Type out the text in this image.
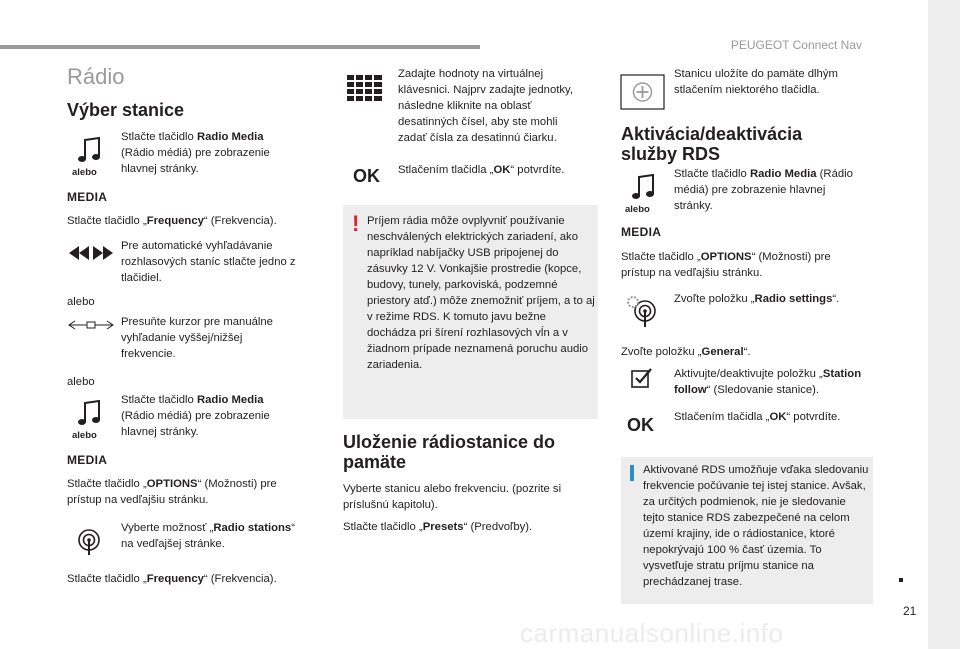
PEUGEOT Connect Nav
21
carmanualsonline.info
Rádio
Výber stanice
alebo
MEDIA
Stlačte tlačidlo Radio Media (Rádio médiá) pre zobrazenie hlavnej stránky.
Stlačte tlačidlo „Frequency“ (Frekvencia).
Pre automatické vyhľadávanie rozhlasových staníc stlačte jedno z tlačidiel.
alebo
Presuňte kurzor pre manuálne vyhľadanie vyššej/nižšej frekvencie.
alebo
alebo
MEDIA
Stlačte tlačidlo Radio Media (Rádio médiá) pre zobrazenie hlavnej stránky.
Stlačte tlačidlo „OPTIONS“ (Možnosti) pre prístup na vedľajšiu stránku.
Vyberte možnosť „Radio stations“ na vedľajšej stránke.
Stlačte tlačidlo „Frequency“ (Frekvencia).
Zadajte hodnoty na virtuálnej klávesnici. Najprv zadajte jednotky, následne kliknite na oblasť desatinných čísel, aby ste mohli zadať čísla za desatinnú čiarku.
OK Stlačením tlačidla „OK“ potvrdíte.
! Príjem rádia môže ovplyvniť používanie neschválených elektrických zariadení, ako napríklad nabíjačky USB pripojenej do zásuvky 12 V. Vonkajšie prostredie (kopce, budovy, tunely, parkoviská, podzemné priestory atď.) môže znemožniť príjem, a to aj v režime RDS. K tomuto javu bežne dochádza pri šírení rozhlasových vĺn a v žiadnom prípade neznamená poruchu audio zariadenia.
Uloženie rádiostanice do pamäte
Vyberte stanicu alebo frekvenciu. (pozrite si príslušnú kapitolu).
Stlačte tlačidlo „Presets“ (Predvoľby).
Stanicu uložíte do pamäte dlhým stlačením niektorého tlačidla.
Aktivácia/deaktivácia služby RDS
alebo
MEDIA
Stlačte tlačidlo Radio Media (Rádio médiá) pre zobrazenie hlavnej stránky.
Stlačte tlačidlo „OPTIONS“ (Možnosti) pre prístup na vedľajšiu stránku.
Zvoľte položku „Radio settings“.
Zvoľte položku „General“.
Aktivujte/deaktivujte položku „Station follow“ (Sledovanie stanice).
OK Stlačením tlačidla „OK“ potvrdíte.
Aktivované RDS umožňuje vďaka sledovaniu frekvencie počúvanie tej istej stanice. Avšak, za určitých podmienok, nie je sledovanie tejto stanice RDS zabezpečené na celom území krajiny, ide o rádiostanice, ktoré nepokrývajú 100 % časť územia. To vysvetľuje stratu príjmu stanice na prechádzanej trase.
